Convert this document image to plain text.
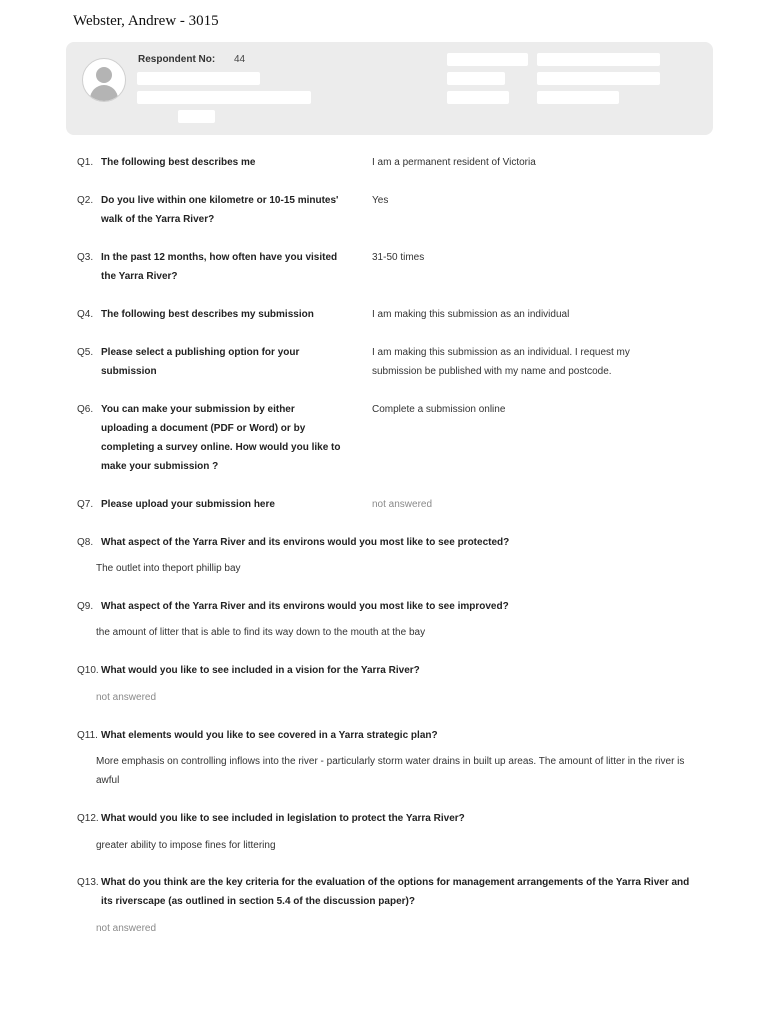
Webster, Andrew - 3015
Respondent No: 44
Q1. The following best describes me	I am a permanent resident of Victoria
Q2. Do you live within one kilometre or 10-15 minutes' walk of the Yarra River?
Yes
Q3. In the past 12 months, how often have you visited the Yarra River?
31-50 times
Q4. The following best describes my submission	I am making this submission as an individual
Q5. Please select a publishing option for your submission
I am making this submission as an individual. I request my submission be published with my name and postcode.
Q6. You can make your submission by either uploading a document (PDF or Word) or by completing a survey online. How would you like to make your submission ?
Complete a submission online
Q7. Please upload your submission here	not answered
Q8. What aspect of the Yarra River and its environs would you most like to see protected?
The outlet into theport phillip bay
Q9. What aspect of the Yarra River and its environs would you most like to see improved?
the amount of litter that is able to find its way down to the mouth at the bay
Q10. What would you like to see included in a vision for the Yarra River?
not answered
Q11. What elements would you like to see covered in a Yarra strategic plan?
More emphasis on controlling inflows into the river - particularly storm water drains in built up areas. The amount of litter in the river is awful
Q12. What would you like to see included in legislation to protect the Yarra River?
greater ability to impose fines for littering
Q13. What do you think are the key criteria for the evaluation of the options for management arrangements of the Yarra River and its riverscape (as outlined in section 5.4 of the discussion paper)?
not answered
